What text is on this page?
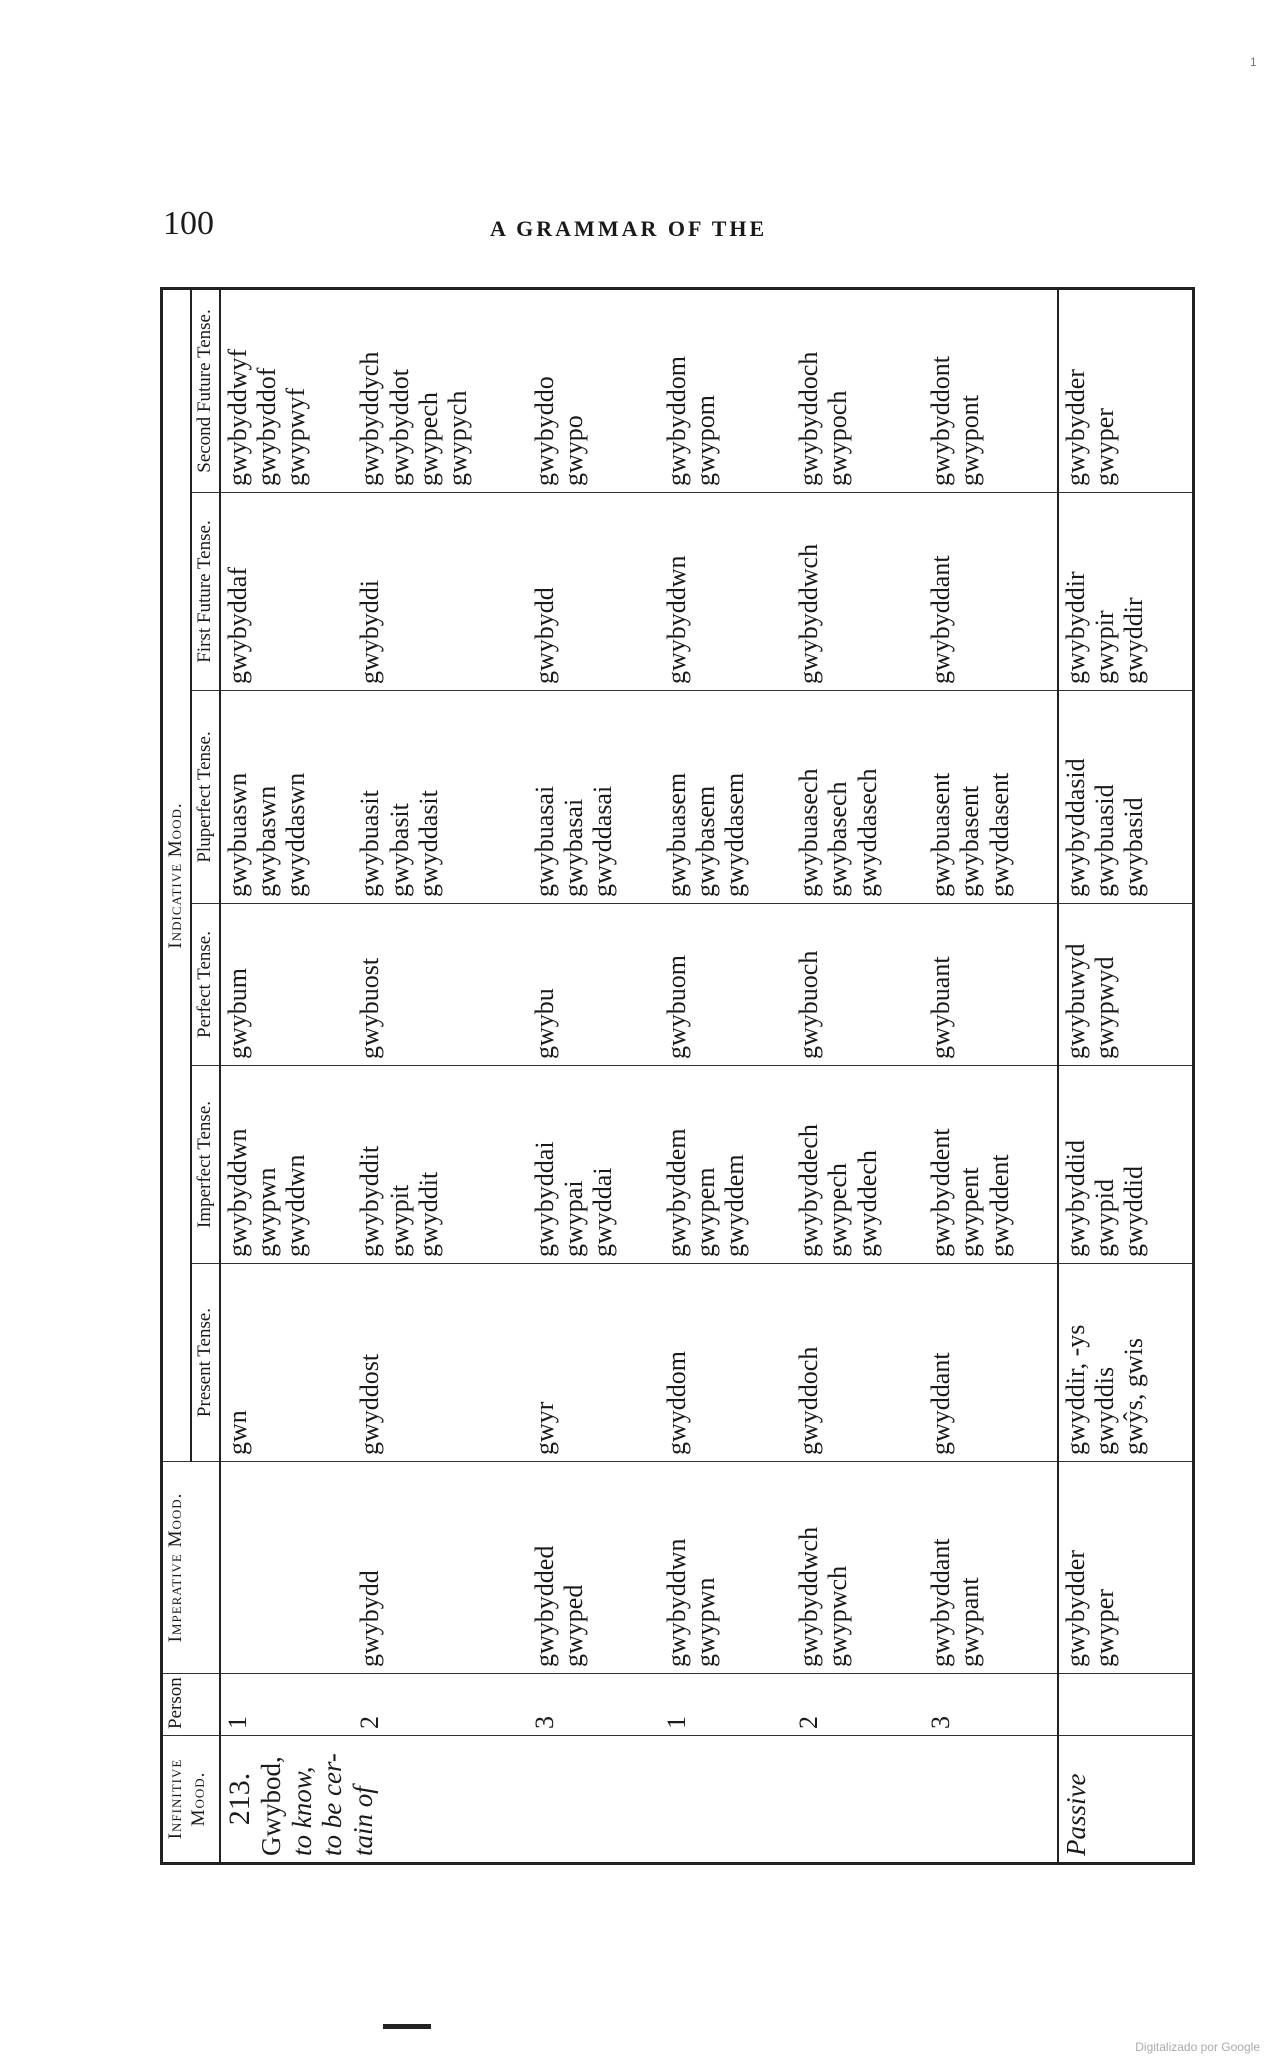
1
100	A GRAMMAR OF THE
Infinitive Mood.	Person	Imperative Mood.	Indicative Mood.					
			Present Tense.	Imperfect Tense.	Perfect Tense.	Pluperfect Tense.	First Future Tense.	Second Future Tense.

213. Gwybod, to know, to be cer- tain of	1		gwn	gwybyddwn gwypwn gwyddwn	gwybum	gwybuaswn gwybaswn gwyddaswn	gwybyddaf	gwybyddwyf gwybyddof gwypwyf

	2	gwybydd	gwyddost	gwybyddit gwypit gwyddit	gwybuost	gwybuasit gwybasit gwyddasit	gwybyddi	gwybyddych gwybyddot gwypech gwypych

	3	gwybydded gwyped	gwyr	gwybyddai gwypai gwyddai	gwybu	gwybuasai gwybasai gwyddasai	gwybydd	gwybyddo gwypo

	1	gwybyddwn gwypwn	gwyddom	gwybyddem gwypem gwyddem	gwybuom	gwybuasem gwybasem gwyddasem	gwybyddwn	gwybyddom gwypom

	2	gwybyddwch gwypwch	gwyddoch	gwybyddech gwypech gwyddech	gwybuoch	gwybuasech gwybasech gwyddasech	gwybyddwch	gwybyddoch gwypoch

	3	gwybyddant gwypant	gwyddant	gwybyddent gwypent gwyddent	gwybuant	gwybuasent gwybasent gwyddasent	gwybyddant	gwybyddont gwypont

Passive		gwybydder gwyper	gwyddir, -ys gwyddis gwŷs, gwis	gwybyddid gwypid gwyddid	gwybuwyd gwypwyd	gwybyddasid gwybuasid gwybasid	gwybyddir gwypir gwyddir	gwybydder gwyper
Digitalizado por Google
